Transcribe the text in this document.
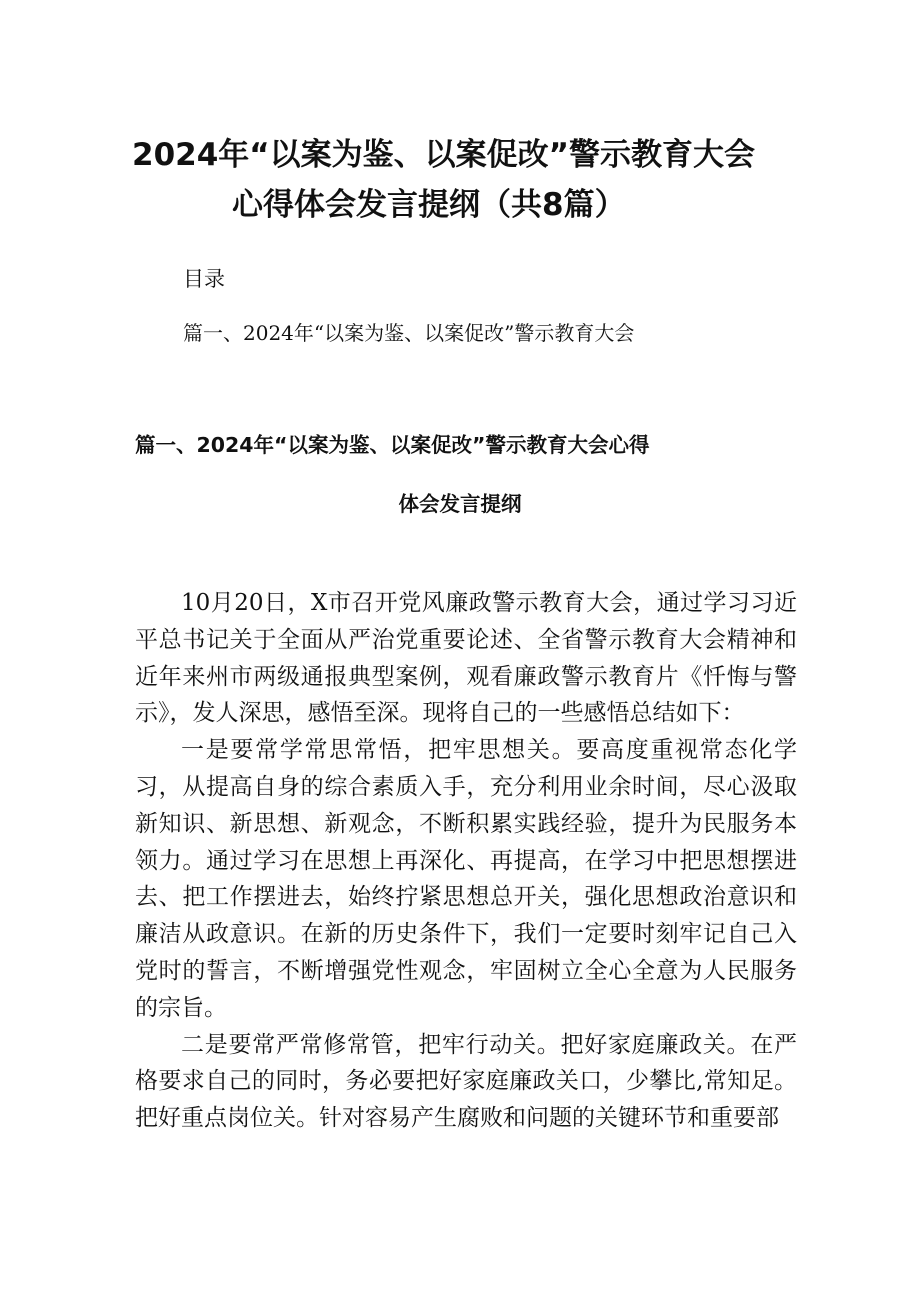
2024年“以案为鉴、以案促改”警示教育大会
心得体会发言提纲（共8篇）
目录
篇一、2024年“以案为鉴、以案促改”警示教育大会
篇一、2024年“以案为鉴、以案促改”警示教育大会心得
体会发言提纲

10月20日，X市召开党风廉政警示教育大会，通过学习习近平总书记关于全面从严治党重要论述、全省警示教育大会精神和近年来州市两级通报典型案例，观看廉政警示教育片《忏悔与警示》，发人深思，感悟至深。现将自己的一些感悟总结如下：

一是要常学常思常悟，把牢思想关。要高度重视常态化学习，从提高自身的综合素质入手，充分利用业余时间，尽心汲取新知识、新思想、新观念，不断积累实践经验，提升为民服务本领力。通过学习在思想上再深化、再提高，在学习中把思想摆进去、把工作摆进去，始终拧紧思想总开关，强化思想政治意识和廉洁从政意识。在新的历史条件下，我们一定要时刻牢记自己入党时的誓言，不断增强党性观念，牢固树立全心全意为人民服务的宗旨。

二是要常严常修常管，把牢行动关。把好家庭廉政关。在严格要求自己的同时，务必要把好家庭廉政关口，少攀比,常知足。把好重点岗位关。针对容易产生腐败和问题的关键环节和重要部
